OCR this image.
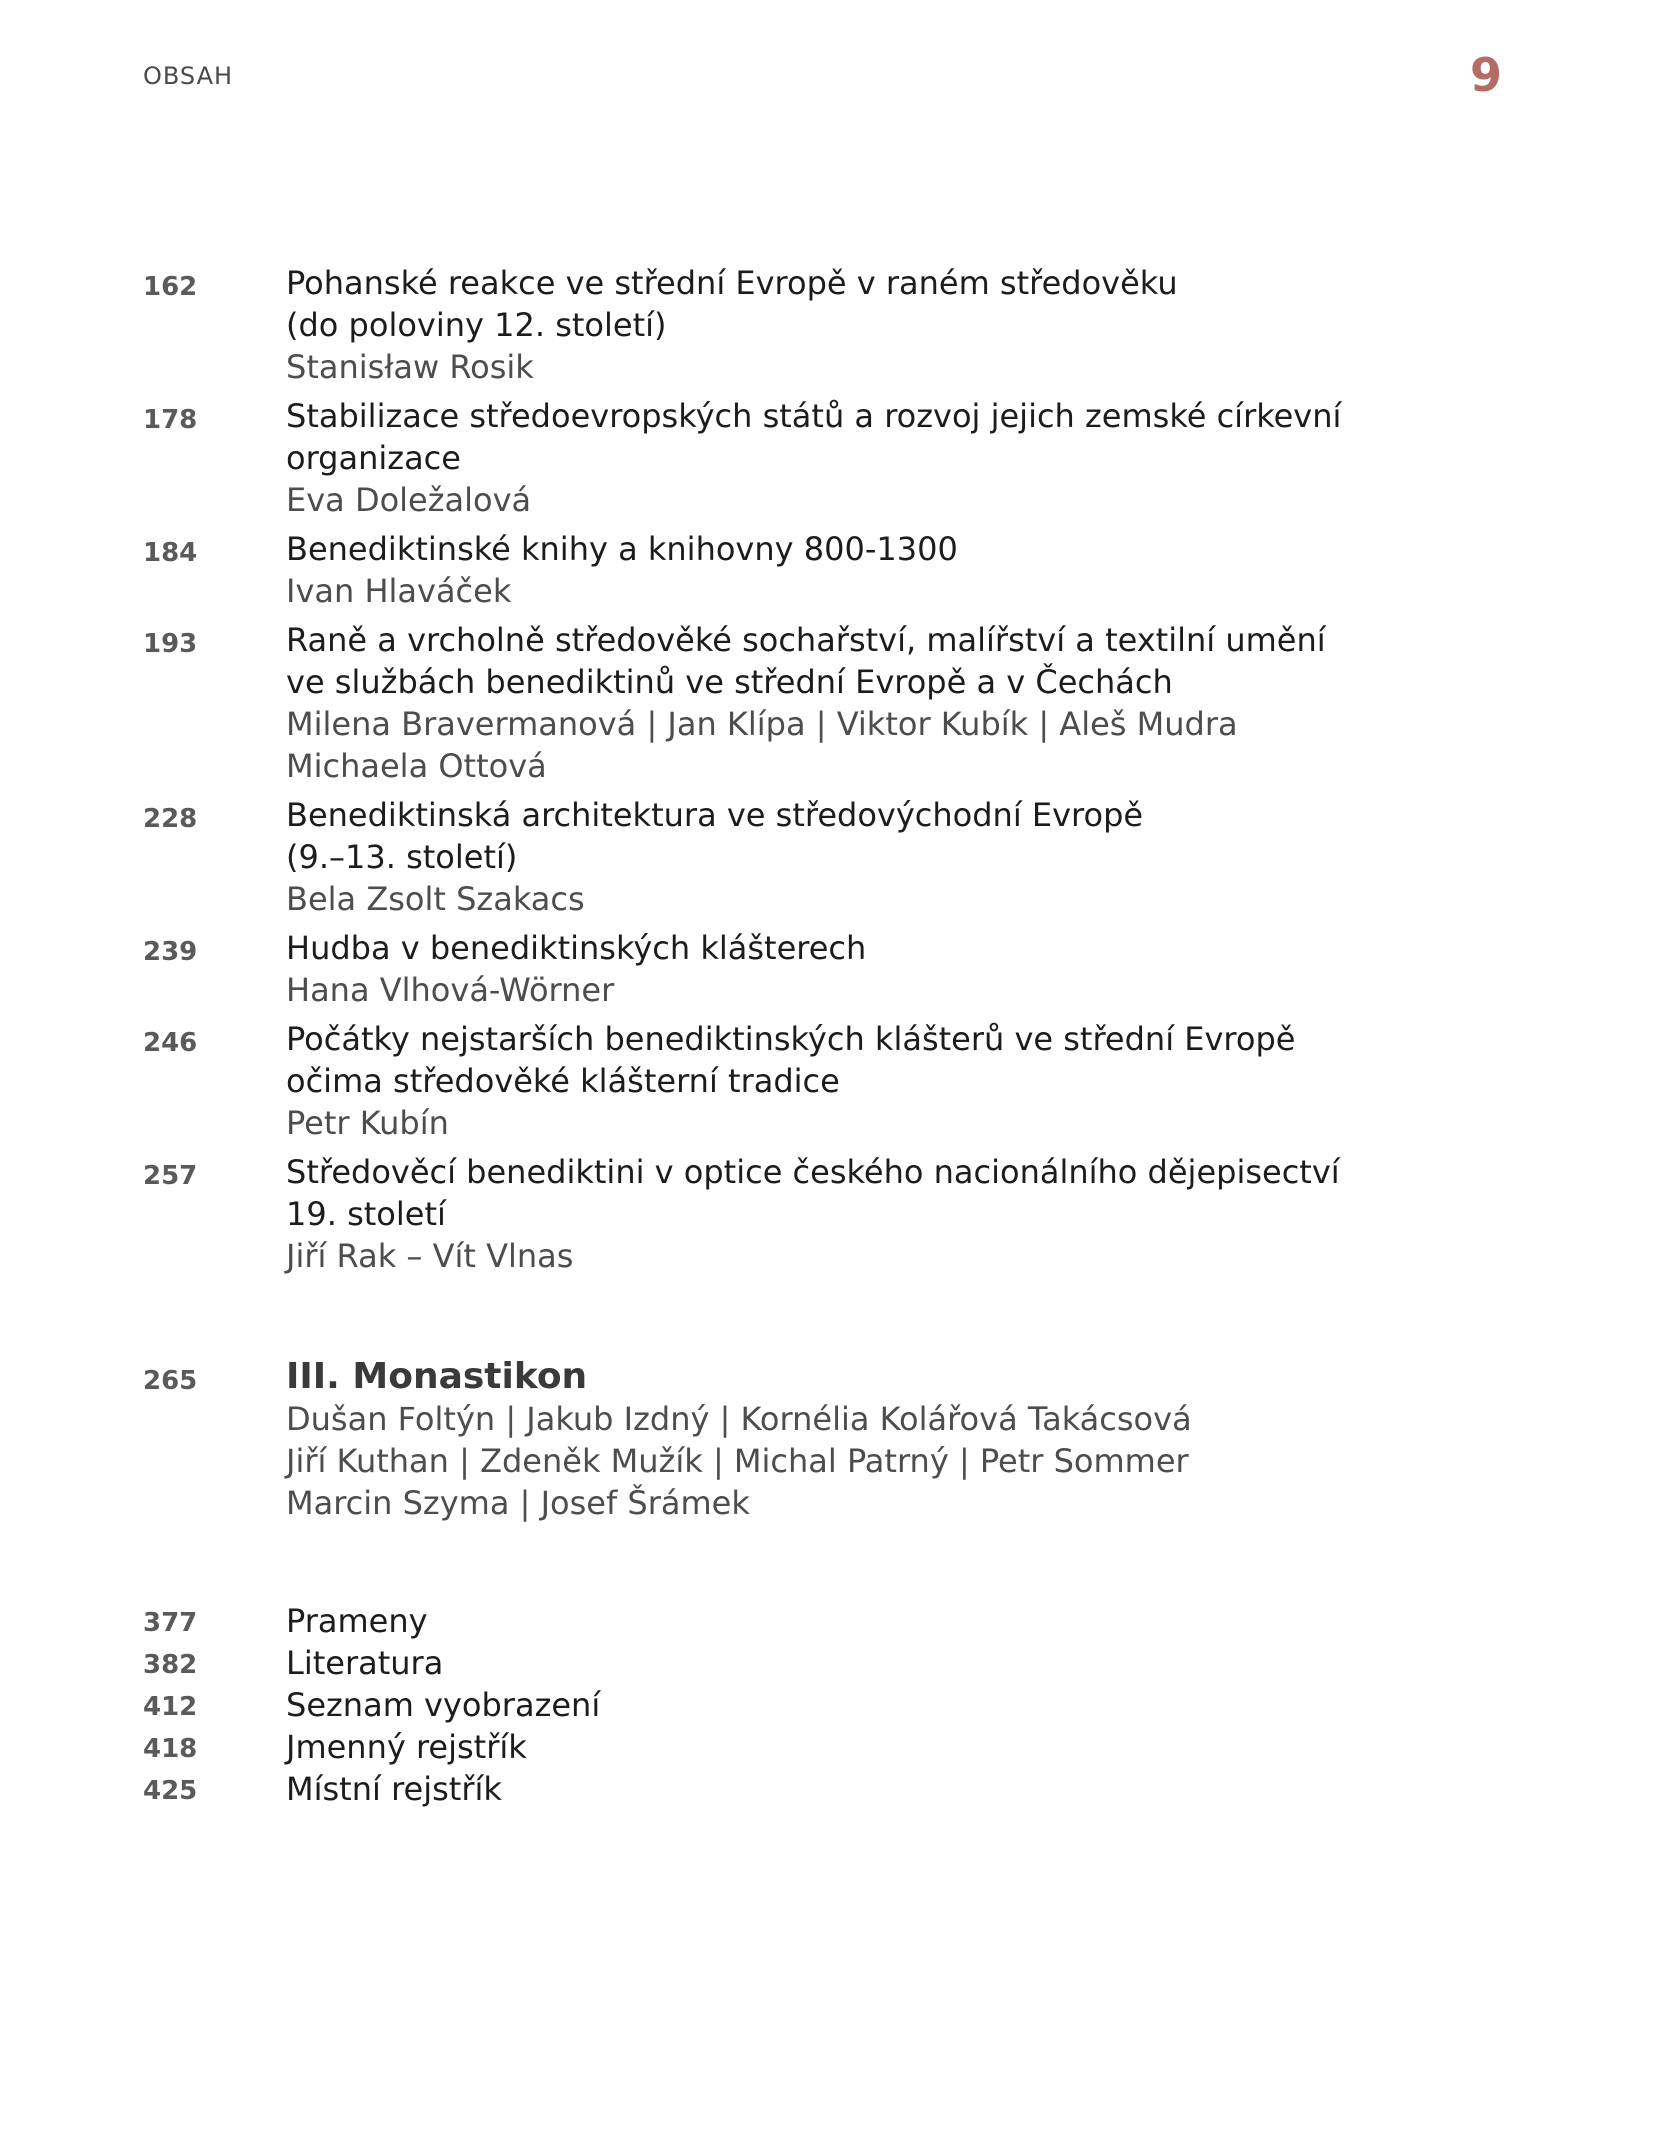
OBSAH	9
162	Pohanské reakce ve střední Evropě v raném středověku
(do poloviny 12. století)
Stanisław Rosik
178	Stabilizace středoevropských států a rozvoj jejich zemské církevní
organizace
Eva Doležalová
184	Benediktinské knihy a knihovny 800-1300
Ivan Hlaváček
193	Raně a vrcholně středověké sochařství, malířství a textilní umění
ve službách benediktinů ve střední Evropě a v Čechách
Milena Bravermanová | Jan Klípa | Viktor Kubík | Aleš Mudra
Michaela Ottová
228	Benediktinská architektura ve středovýchodní Evropě
(9.–13. století)
Bela Zsolt Szakacs
239	Hudba v benediktinských klášterech
Hana Vlhová-Wörner
246	Počátky nejstarších benediktinských klášterů ve střední Evropě
očima středověké klášterní tradice
Petr Kubín
257	Středověcí benediktini v optice českého nacionálního dějepisectví
19. století
Jiří Rak – Vít Vlnas
265	III. Monastikon
Dušan Foltýn | Jakub Izdný | Kornélia Kolářová Takácsová
Jiří Kuthan | Zdeněk Mužík | Michal Patrný | Petr Sommer
Marcin Szyma | Josef Šrámek
377	Prameny
382	Literatura
412	Seznam vyobrazení
418	Jmenný rejstřík
425	Místní rejstřík
